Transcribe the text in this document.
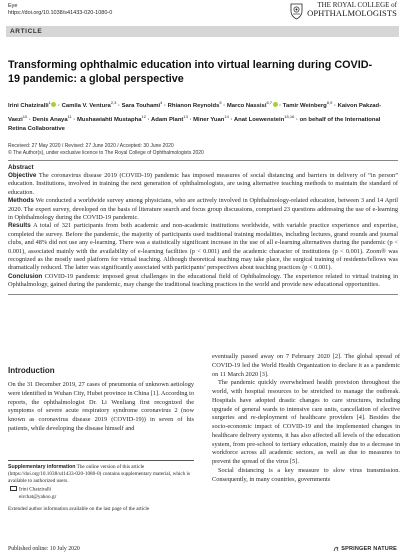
Eye
https://doi.org/10.1038/s41433-020-1080-0
THE ROYAL COLLEGE of
OPHTHALMOLOGISTS
ARTICLE
Transforming ophthalmic education into virtual learning during COVID-19 pandemic: a global perspective
Irini Chatziralli$^1$ · Camila V. Ventura$^{2,3}$ · Sara Touhami$^4$ · Rhianon Reynolds$^5$ · Marco Nassisi$^{6,7}$ · Tamir Weinberg$^{8,9}$ · Kaivon Pakzad-Vaezi$^{10}$ · Denis Anaya$^{11}$ · Mushawiahti Mustapha$^{12}$ · Adam Plant$^{13}$ · Miner Yuan$^{14}$ · Anat Loewenstein$^{15,16}$ · on behalf of the International Retina Collaborative
Received: 27 May 2020 / Revised: 27 June 2020 / Accepted: 30 June 2020
© The Author(s), under exclusive licence to The Royal College of Ophthalmologists 2020
Abstract

Objective The coronavirus disease 2019 (COVID-19) pandemic has imposed measures of social distancing and barriers in delivery of “in person” education. Institutions, involved in training the next generation of ophthalmologists, are using alternative teaching methods to maintain the standard of education.

Methods We conducted a worldwide survey among physicians, who are actively involved in Ophthalmology-related education, between 3 and 14 April 2020. The expert survey, developed on the basis of literature search and focus group discussions, comprised 23 questions addressing the use of e-learning in Ophthalmology during the COVID-19 pandemic.

Results A total of 321 participants from both academic and non-academic institutions worldwide, with variable practice experience and expertise, completed the survey. Before the pandemic, the majority of participants used traditional training modalities, including lectures, grand rounds and journal clubs, and 48% did not use any e-learning. There was a statistically significant increase in the use of all e-learning alternatives during the pandemic (p < 0.001), associated mainly with the availability of e-learning facilities (p < 0.001) and the academic character of institutions (p < 0.001). Zoom® was recognized as the mostly used platform for virtual teaching. Although theoretical teaching may take place, the surgical training of residents/fellows was dramatically reduced. The latter was significantly associated with participants’ perspectives about teaching practices (p < 0.001).

Conclusion COVID-19 pandemic imposed great challenges in the educational field of Ophthalmology. The experience related to virtual training in Ophthalmology, gained during the pandemic, may change the traditional teaching practices in the world and provide new educational opportunities.

Introduction

On the 31 December 2019, 27 cases of pneumonia of unknown aetiology were identified in Wuhan City, Hubei province in China [1]. According to reports, the ophthalmologist Dr. Li Wenliang first recognized the symptoms of severe acute respiratory syndrome coronavirus 2 (now known as coronavirus disease 2019 (COVID-19)) in seven of his patients, while developing the disease himself and

eventually passed away on 7 February 2020 [2]. The global spread of COVID-19 led the World Health Organization to declare it as a pandemic on 11 March 2020 [3].

The pandemic quickly overwhelmed health provision throughout the world, with hospital resources to be stretched to manage the outbreak. Hospitals have adopted drastic changes to care structures, including upgrade of general wards to intensive care units, cancellation of elective surgeries and re-deployment of healthcare providers [4]. Besides the socio-economic impact of COVID-19 and the implemented changes in healthcare delivery systems, it has also affected all levels of the education system, from pre-school to tertiary education, mainly due to a decrease in workforce across all academic sectors, as well as due to measures to prevent the spread of the virus [5].

Social distancing is a key measure to slow virus transmission. Consequently, in many countries, governments

Supplementary information The online version of this article (https://doi.org/10.1038/s41433-020-1080-0) contains supplementary material, which is available to authorized users.
Irini Chatziralli
eirchat@yahoo.gr
Extended author information available on the last page of the article
Published online: 10 July 2020	SPRINGER NATURE
